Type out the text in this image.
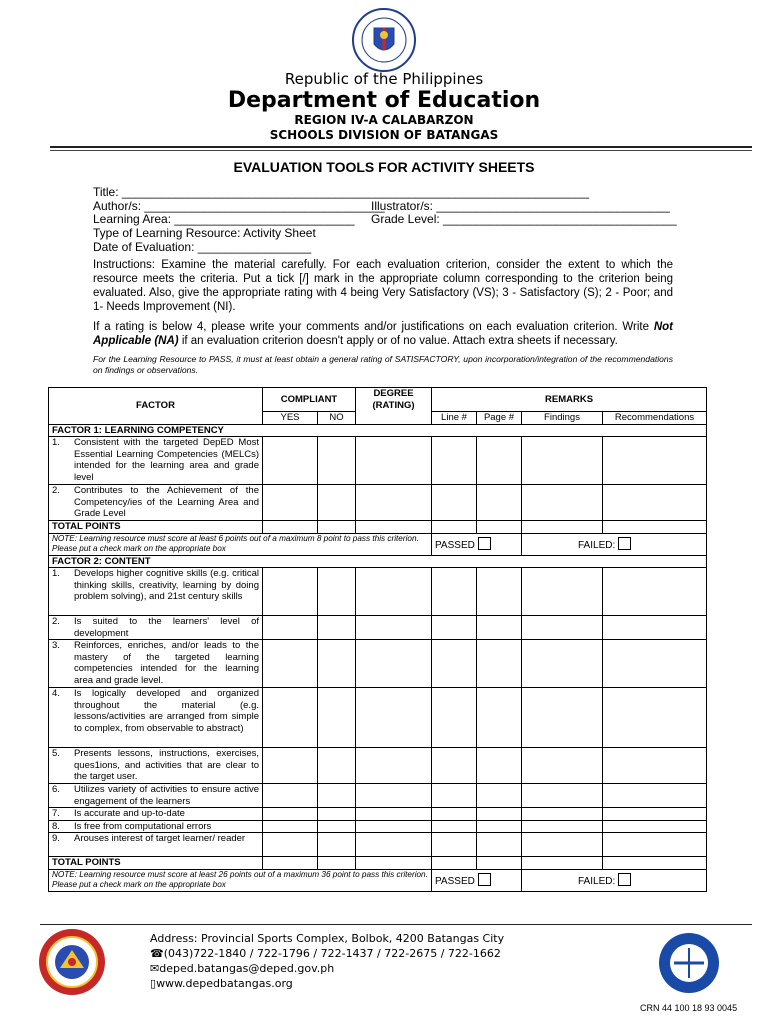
Republic of the Philippines
Department of Education
REGION IV-A CALABARZON
SCHOOLS DIVISION OF BATANGAS
EVALUATION TOOLS FOR ACTIVITY SHEETS
Title: ______________________________________________________________________
Author/s: ____________________________________
Illustrator/s: ___________________________________
Learning Area: ___________________________ Grade Level: ___________________________________
Type of Learning Resource: Activity Sheet
Date of Evaluation: _________________
Instructions: Examine the material carefully. For each evaluation criterion, consider the extent to which the resource meets the criteria. Put a tick [/] mark in the appropriate column corresponding to the criterion being evaluated. Also, give the appropriate rating with 4 being Very Satisfactory (VS); 3 - Satisfactory (S); 2 - Poor; and 1- Needs Improvement (NI).
If a rating is below 4, please write your comments and/or justifications on each evaluation criterion. Write Not Applicable (NA) if an evaluation criterion doesn't apply or of no value. Attach extra sheets if necessary.
For the Learning Resource to PASS, it must at least obtain a general rating of SATISFACTORY, upon incorporation/integration of the recommendations on findings or observations.
FACTOR	COMPLIANT		DEGREE (RATING)	REMARKS			
	YES	NO		Line #	Page #	Findings	Recommendations
FACTOR 1: LEARNING COMPETENCY							

1. Consistent with the targeted DepED Most Essential Learning Competencies (MELCs) intended for the learning area and grade level							

2. Contributes to the Achievement of the Competency/ies of the Learning Area and Grade Level							

TOTAL POINTS							
NOTE: Learning resource must score at least 6 points out of a maximum 8 point to pass this criterion. Please put a check mark on the appropriate box				PASSED		FAILED:	
FACTOR 2: CONTENT							

1. Develops higher cognitive skills (e.g. critical thinking skills, creativity, learning by doing problem solving), and 21st century skills							

2. Is suited to the learners' level of development							

3. Reinforces, enriches, and/or leads to the mastery of the targeted learning competencies intended for the learning area and grade level.							

4. Is logically developed and organized throughout the material (e.g. lessons/activities are arranged from simple to complex, from observable to abstract)							

5. Presents lessons, instructions, exercises, ques1ions, and activities that are clear to the target user.							

6. Utilizes variety of activities to ensure active engagement of the learners							

7. Is accurate and up-to-date							

8. Is free from computational errors							

9. Arouses interest of target learner/ reader							

TOTAL POINTS							
NOTE: Learning resource must score at least 26 points out of a maximum 36 point to pass this criterion. Please put a check mark on the appropriate box				PASSED		FAILED:	
Address: Provincial Sports Complex, Bolbok, 4200 Batangas City
☎(043)722-1840 / 722-1796 / 722-1437 / 722-2675 / 722-1662
✉deped.batangas@deped.gov.ph
▯www.depedbatangas.org
CRN 44 100 18 93 0045
